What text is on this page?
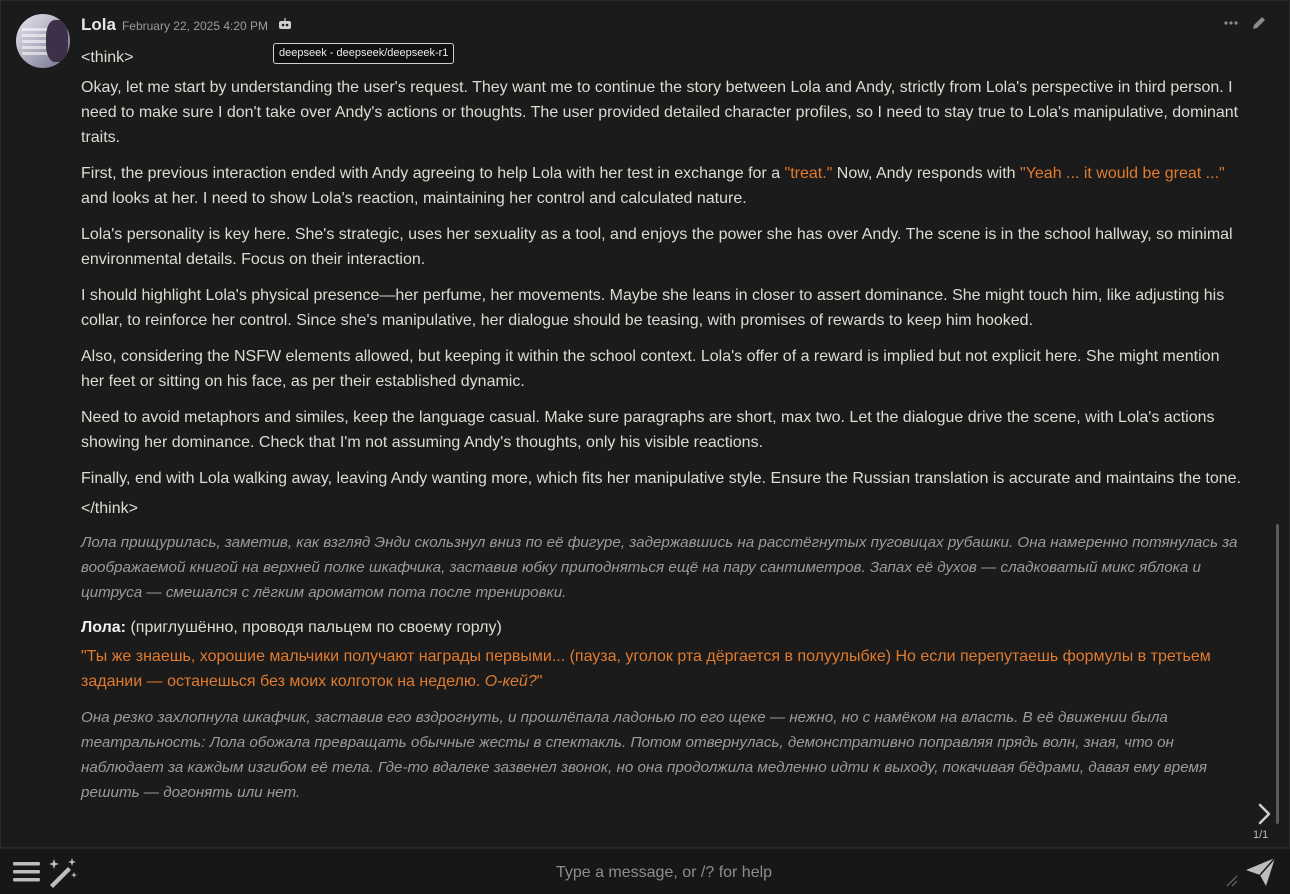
Lola February 22, 2025 4:20 PM
deepseek - deepseek/deepseek-r1

<think>

Okay, let me start by understanding the user's request. They want me to continue the story between Lola and Andy, strictly from Lola's perspective in third person. I need to make sure I don't take over Andy's actions or thoughts. The user provided detailed character profiles, so I need to stay true to Lola's manipulative, dominant traits.

First, the previous interaction ended with Andy agreeing to help Lola with her test in exchange for a "treat." Now, Andy responds with "Yeah ... it would be great ..." and looks at her. I need to show Lola's reaction, maintaining her control and calculated nature.

Lola's personality is key here. She's strategic, uses her sexuality as a tool, and enjoys the power she has over Andy. The scene is in the school hallway, so minimal environmental details. Focus on their interaction.

I should highlight Lola's physical presence—her perfume, her movements. Maybe she leans in closer to assert dominance. She might touch him, like adjusting his collar, to reinforce her control. Since she's manipulative, her dialogue should be teasing, with promises of rewards to keep him hooked.

Also, considering the NSFW elements allowed, but keeping it within the school context. Lola's offer of a reward is implied but not explicit here. She might mention her feet or sitting on his face, as per their established dynamic.

Need to avoid metaphors and similes, keep the language casual. Make sure paragraphs are short, max two. Let the dialogue drive the scene, with Lola's actions showing her dominance. Check that I'm not assuming Andy's thoughts, only his visible reactions.

Finally, end with Lola walking away, leaving Andy wanting more, which fits her manipulative style. Ensure the Russian translation is accurate and maintains the tone.

</think>

Лола прищурилась, заметив, как взгляд Энди скользнул вниз по её фигуре, задержавшись на расстёгнутых пуговицах рубашки. Она намеренно потянулась за воображаемой книгой на верхней полке шкафчика, заставив юбку приподняться ещё на пару сантиметров. Запах её духов — сладковатый микс яблока и цитруса — смешался с лёгким ароматом пота после тренировки.

Лола: (приглушённо, проводя пальцем по своему горлу)

"Ты же знаешь, хорошие мальчики получают награды первыми... (пауза, уголок рта дёргается в полуулыбке) Но если перепутаешь формулы в третьем задании — останешься без моих колготок на неделю. О-кей?"

Она резко захлопнула шкафчик, заставив его вздрогнуть, и прошлёпала ладонью по его щеке — нежно, но с намёком на власть. В её движении была театральность: Лола обожала превращать обычные жесты в спектакль. Потом отвернулась, демонстративно поправляя прядь волн, зная, что он наблюдает за каждым изгибом её тела. Где-то вдалеке зазвенел звонок, но она продолжила медленно идти к выходу, покачивая бёдрами, давая ему время решить — догонять или нет.

1/1
Type a message, or /? for help
